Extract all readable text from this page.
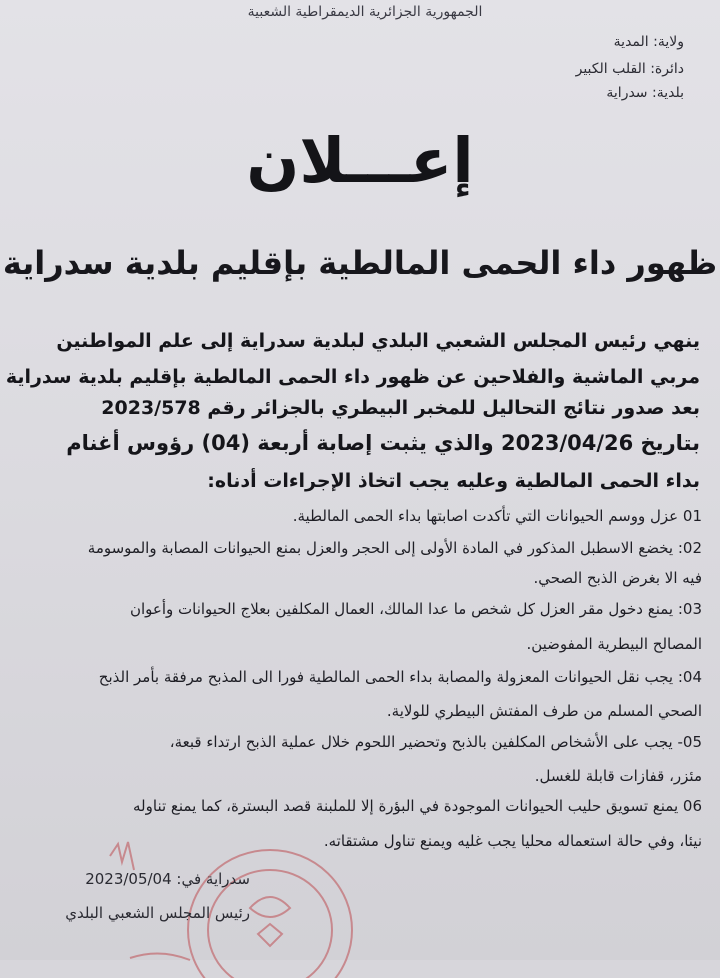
الجمهورية الجزائرية الديمقراطية الشعبية
ولاية: المدية
دائرة: القلب الكبير
بلدية: سدراية
إعـــلان
ظهور داء الحمى المالطية بإقليم بلدية سدراية
ينهي رئيس المجلس الشعبي البلدي لبلدية سدراية إلى علم المواطنين
مربي الماشية والفلاحين عن ظهور داء الحمى المالطية بإقليم بلدية سدراية
بعد صدور نتائج التحاليل للمخبر البيطري بالجزائر رقم 2023/578
بتاريخ 2023/04/26 والذي يثبت إصابة أربعة (04) رؤوس أغنام
بداء الحمى المالطية وعليه يجب اتخاذ الإجراءات أدناه:
01 عزل ووسم الحيوانات التي تأكدت اصابتها بداء الحمى المالطية.
02: يخضع الاسطبل المذكور في المادة الأولى إلى الحجر والعزل بمنع الحيوانات المصابة والموسومة
فيه الا بغرض الذبح الصحي.
03: يمنع دخول مقر العزل كل شخص ما عدا المالك، العمال المكلفين بعلاج الحيوانات وأعوان
المصالح البيطرية المفوضين.
04: يجب نقل الحيوانات المعزولة والمصابة بداء الحمى المالطية فورا الى المذبح مرفقة بأمر الذبح
الصحي المسلم من طرف المفتش البيطري للولاية.
05- يجب على الأشخاص المكلفين بالذبح وتحضير اللحوم خلال عملية الذبح ارتداء قبعة،
مئزر، قفازات قابلة للغسل.
06 يمنع تسويق حليب الحيوانات الموجودة في البؤرة إلا للملبنة قصد البسترة، كما يمنع تناوله
نيئا، وفي حالة استعماله محليا يجب غليه ويمنع تناول مشتقاته.
سدراية في: 2023/05/04
رئيس المجلس الشعبي البلدي
